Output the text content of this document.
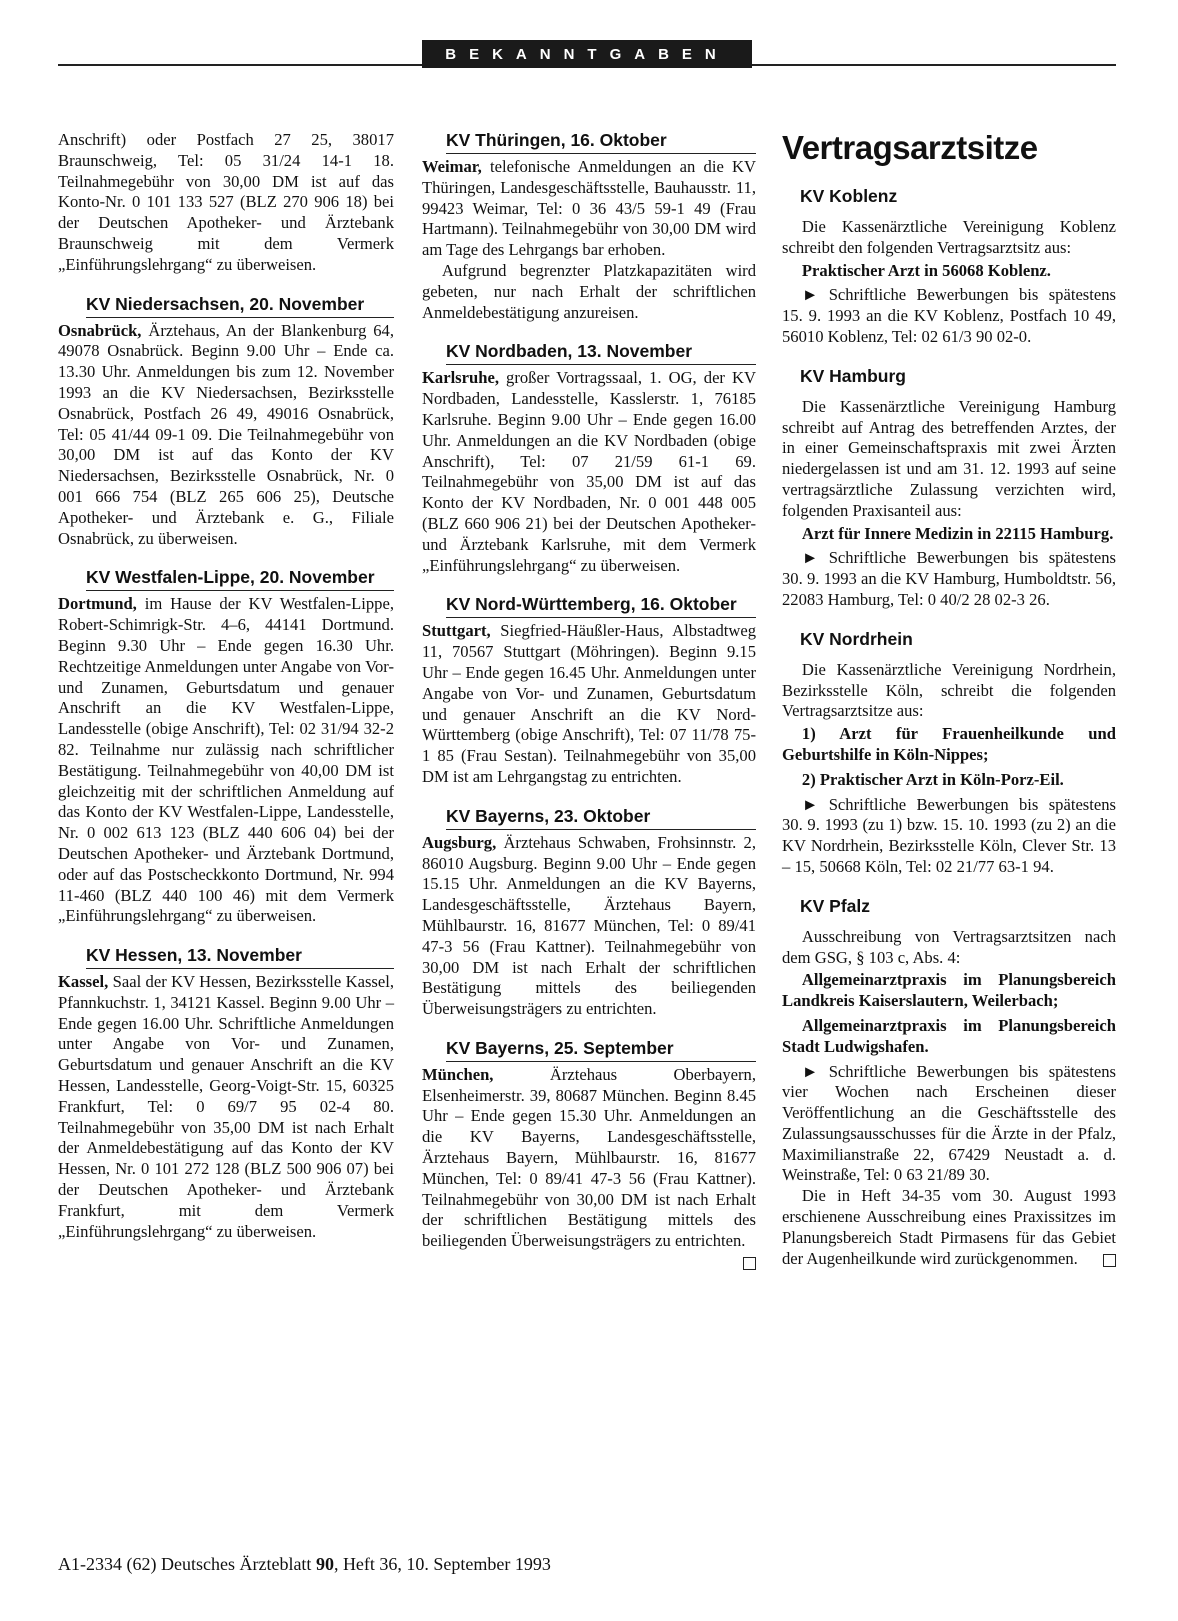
BEKANNTGABEN

Anschrift) oder Postfach 27 25, 38017 Braunschweig, Tel: 05 31/24 14-1 18. Teilnahmegebühr von 30,00 DM ist auf das Konto-Nr. 0 101 133 527 (BLZ 270 906 18) bei der Deutschen Apotheker- und Ärztebank Braunschweig mit dem Vermerk „Einführungslehrgang“ zu überweisen.

KV Niedersachsen, 20. November

Osnabrück, Ärztehaus, An der Blankenburg 64, 49078 Osnabrück. Beginn 9.00 Uhr – Ende ca. 13.30 Uhr. Anmeldungen bis zum 12. November 1993 an die KV Niedersachsen, Bezirksstelle Osnabrück, Postfach 26 49, 49016 Osnabrück, Tel: 05 41/44 09-1 09. Die Teilnahmegebühr von 30,00 DM ist auf das Konto der KV Niedersachsen, Bezirksstelle Osnabrück, Nr. 0 001 666 754 (BLZ 265 606 25), Deutsche Apotheker- und Ärztebank e. G., Filiale Osnabrück, zu überweisen.

KV Westfalen-Lippe, 20. November

Dortmund, im Hause der KV Westfalen-Lippe, Robert-Schimrigk-Str. 4–6, 44141 Dortmund. Beginn 9.30 Uhr – Ende gegen 16.30 Uhr. Rechtzeitige Anmeldungen unter Angabe von Vor- und Zunamen, Geburtsdatum und genauer Anschrift an die KV Westfalen-Lippe, Landesstelle (obige Anschrift), Tel: 02 31/94 32-2 82. Teilnahme nur zulässig nach schriftlicher Bestätigung. Teilnahmegebühr von 40,00 DM ist gleichzeitig mit der schriftlichen Anmeldung auf das Konto der KV Westfalen-Lippe, Landesstelle, Nr. 0 002 613 123 (BLZ 440 606 04) bei der Deutschen Apotheker- und Ärztebank Dortmund, oder auf das Postscheckkonto Dortmund, Nr. 994 11-460 (BLZ 440 100 46) mit dem Vermerk „Einführungslehrgang“ zu überweisen.

KV Hessen, 13. November

Kassel, Saal der KV Hessen, Bezirksstelle Kassel, Pfannkuchstr. 1, 34121 Kassel. Beginn 9.00 Uhr – Ende gegen 16.00 Uhr. Schriftliche Anmeldungen unter Angabe von Vor- und Zunamen, Geburtsdatum und genauer Anschrift an die KV Hessen, Landesstelle, Georg-Voigt-Str. 15, 60325 Frankfurt, Tel: 0 69/7 95 02-4 80. Teilnahmegebühr von 35,00 DM ist nach Erhalt der Anmeldebestätigung auf das Konto der KV Hessen, Nr. 0 101 272 128 (BLZ 500 906 07) bei der Deutschen Apotheker- und Ärztebank Frankfurt, mit dem Vermerk „Einführungslehrgang“ zu überweisen.

KV Thüringen, 16. Oktober

Weimar, telefonische Anmeldungen an die KV Thüringen, Landesgeschäftsstelle, Bauhausstr. 11, 99423 Weimar, Tel: 0 36 43/5 59-1 49 (Frau Hartmann). Teilnahmegebühr von 30,00 DM wird am Tage des Lehrgangs bar erhoben.

Aufgrund begrenzter Platzkapazitäten wird gebeten, nur nach Erhalt der schriftlichen Anmeldebestätigung anzureisen.

KV Nordbaden, 13. November

Karlsruhe, großer Vortragssaal, 1. OG, der KV Nordbaden, Landesstelle, Kasslerstr. 1, 76185 Karlsruhe. Beginn 9.00 Uhr – Ende gegen 16.00 Uhr. Anmeldungen an die KV Nordbaden (obige Anschrift), Tel: 07 21/59 61-1 69. Teilnahmegebühr von 35,00 DM ist auf das Konto der KV Nordbaden, Nr. 0 001 448 005 (BLZ 660 906 21) bei der Deutschen Apotheker- und Ärztebank Karlsruhe, mit dem Vermerk „Einführungslehrgang“ zu überweisen.

KV Nord-Württemberg, 16. Oktober

Stuttgart, Siegfried-Häußler-Haus, Albstadtweg 11, 70567 Stuttgart (Möhringen). Beginn 9.15 Uhr – Ende gegen 16.45 Uhr. Anmeldungen unter Angabe von Vor- und Zunamen, Geburtsdatum und genauer Anschrift an die KV Nord-Württemberg (obige Anschrift), Tel: 07 11/78 75-1 85 (Frau Sestan). Teilnahmegebühr von 35,00 DM ist am Lehrgangstag zu entrichten.

KV Bayerns, 23. Oktober

Augsburg, Ärztehaus Schwaben, Frohsinnstr. 2, 86010 Augsburg. Beginn 9.00 Uhr – Ende gegen 15.15 Uhr. Anmeldungen an die KV Bayerns, Landesgeschäftsstelle, Ärztehaus Bayern, Mühlbaurstr. 16, 81677 München, Tel: 0 89/41 47-3 56 (Frau Kattner). Teilnahmegebühr von 30,00 DM ist nach Erhalt der schriftlichen Bestätigung mittels des beiliegenden Überweisungsträgers zu entrichten.

KV Bayerns, 25. September

München, Ärztehaus Oberbayern, Elsenheimerstr. 39, 80687 München. Beginn 8.45 Uhr – Ende gegen 15.30 Uhr. Anmeldungen an die KV Bayerns, Landesgeschäftsstelle, Ärztehaus Bayern, Mühlbaurstr. 16, 81677 München, Tel: 0 89/41 47-3 56 (Frau Kattner). Teilnahmegebühr von 30,00 DM ist nach Erhalt der schriftlichen Bestätigung mittels des beiliegenden Überweisungsträgers zu entrichten.

Vertragsarztsitze
KV Koblenz

Die Kassenärztliche Vereinigung Koblenz schreibt den folgenden Vertragsarztsitz aus:

Praktischer Arzt in 56068 Koblenz.

► Schriftliche Bewerbungen bis spätestens 15. 9. 1993 an die KV Koblenz, Postfach 10 49, 56010 Koblenz, Tel: 02 61/3 90 02-0.

KV Hamburg

Die Kassenärztliche Vereinigung Hamburg schreibt auf Antrag des betreffenden Arztes, der in einer Gemeinschaftspraxis mit zwei Ärzten niedergelassen ist und am 31. 12. 1993 auf seine vertragsärztliche Zulassung verzichten wird, folgenden Praxisanteil aus:

Arzt für Innere Medizin in 22115 Hamburg.

► Schriftliche Bewerbungen bis spätestens 30. 9. 1993 an die KV Hamburg, Humboldtstr. 56, 22083 Hamburg, Tel: 0 40/2 28 02-3 26.

KV Nordrhein

Die Kassenärztliche Vereinigung Nordrhein, Bezirksstelle Köln, schreibt die folgenden Vertragsarztsitze aus:

1) Arzt für Frauenheilkunde und Geburtshilfe in Köln-Nippes;

2) Praktischer Arzt in Köln-Porz-Eil.

► Schriftliche Bewerbungen bis spätestens 30. 9. 1993 (zu 1) bzw. 15. 10. 1993 (zu 2) an die KV Nordrhein, Bezirksstelle Köln, Clever Str. 13 – 15, 50668 Köln, Tel: 02 21/77 63-1 94.

KV Pfalz

Ausschreibung von Vertragsarztsitzen nach dem GSG, § 103 c, Abs. 4:

Allgemeinarztpraxis im Planungsbereich Landkreis Kaiserslautern, Weilerbach;

Allgemeinarztpraxis im Planungsbereich Stadt Ludwigshafen.

► Schriftliche Bewerbungen bis spätestens vier Wochen nach Erscheinen dieser Veröffentlichung an die Geschäftsstelle des Zulassungsausschusses für die Ärzte in der Pfalz, Maximilianstraße 22, 67429 Neustadt a. d. Weinstraße, Tel: 0 63 21/89 30.

Die in Heft 34-35 vom 30. August 1993 erschienene Ausschreibung eines Praxissitzes im Planungsbereich Stadt Pirmasens für das Gebiet der Augenheilkunde wird zurückgenommen.

A1-2334 (62) Deutsches Ärzteblatt 90, Heft 36, 10. September 1993
